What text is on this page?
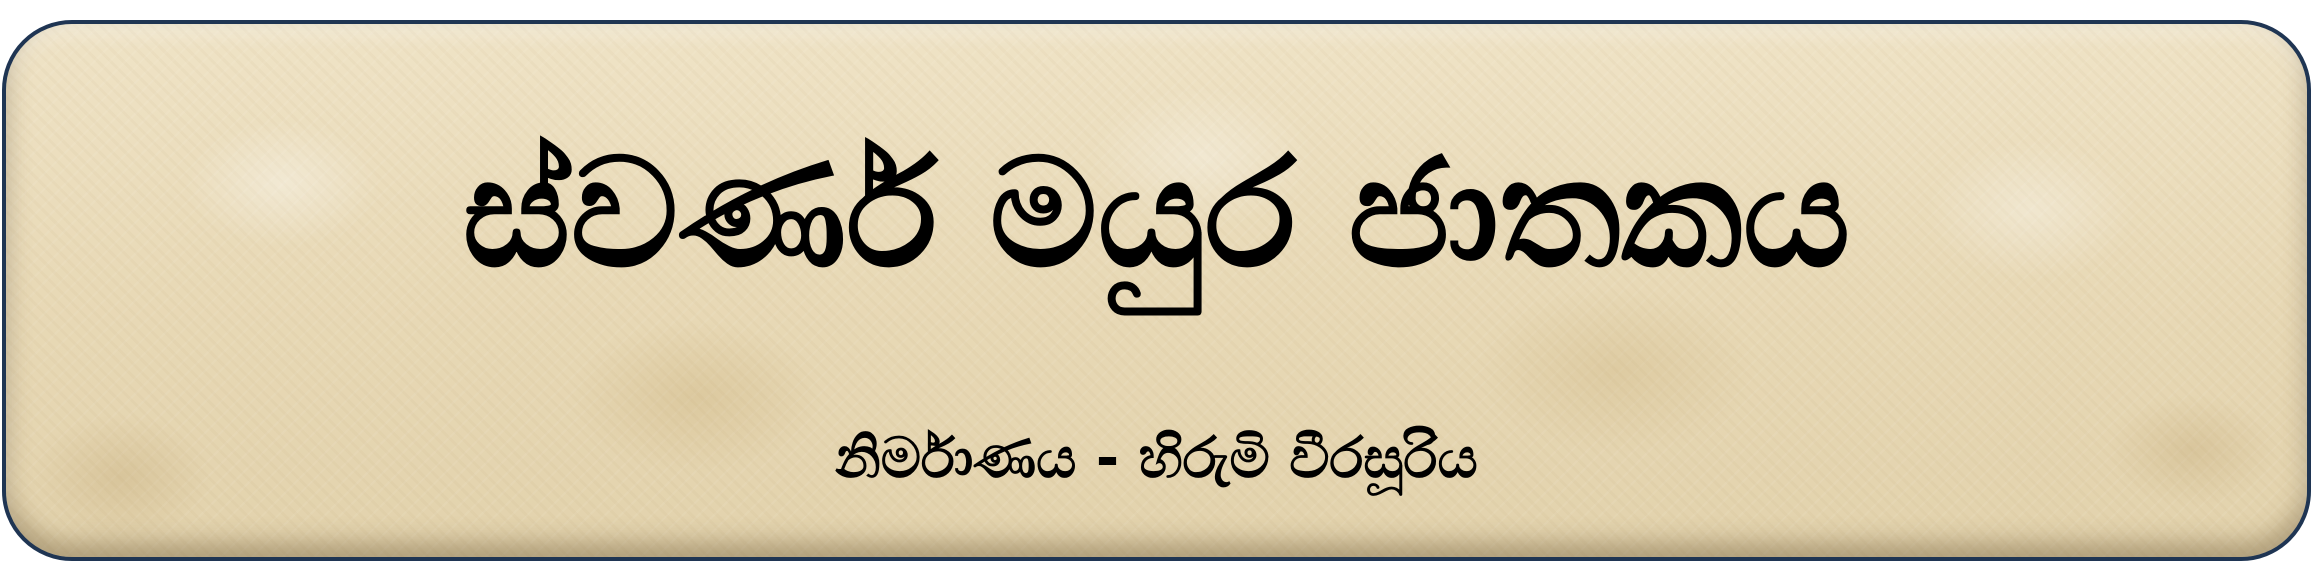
ස්වර්ණ මයුර ජාතකය
නිර්මාණය - හිරුමි වීරසූරිය
